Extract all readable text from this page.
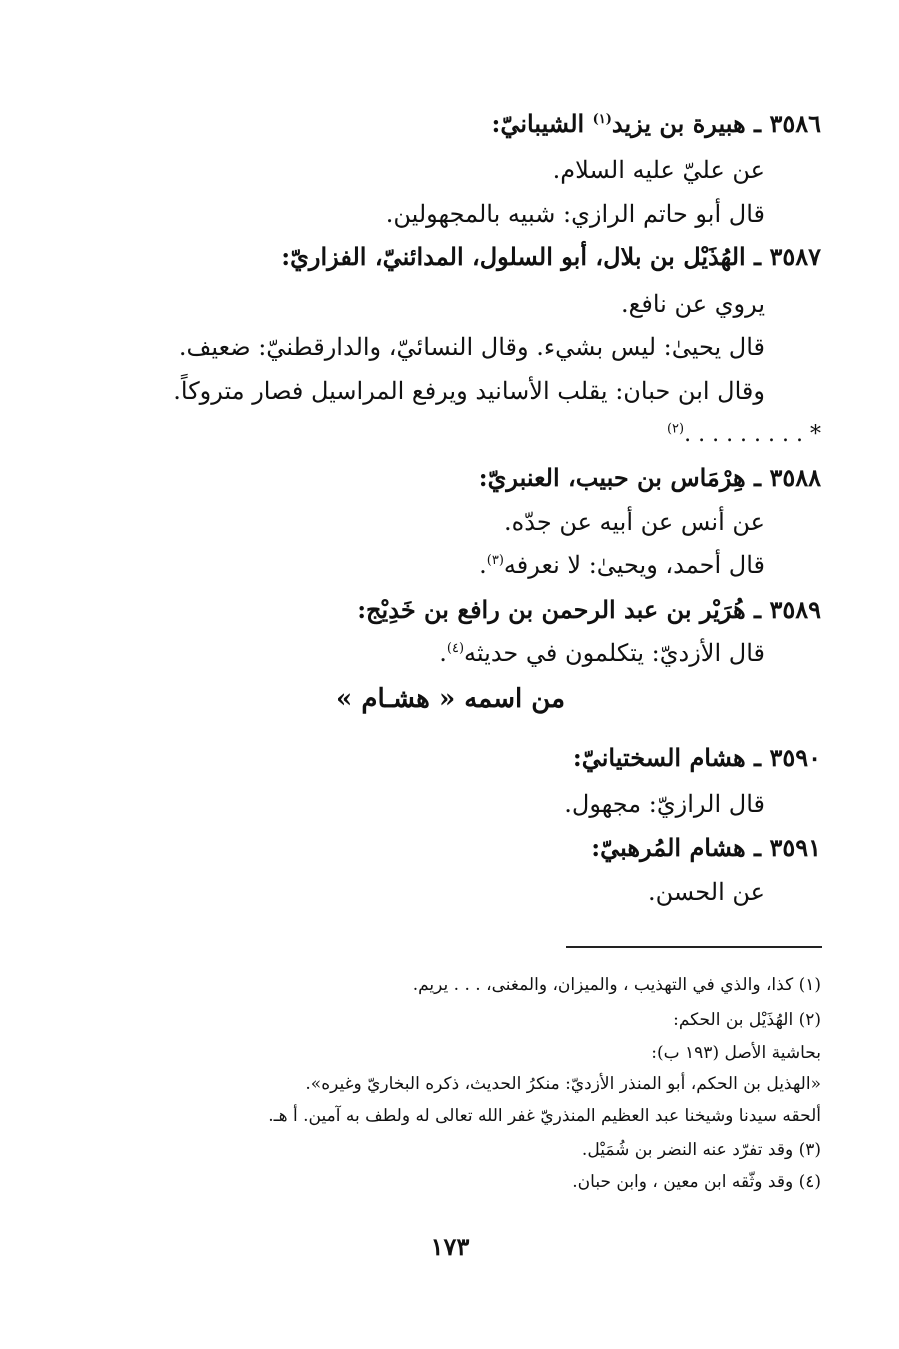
٣٥٨٦ ـ هبيرة بن يزيد$^{(١)}$ الشيبانيّ:
عن عليّ عليه السلام.
قال أبو حاتم الرازي: شبيه بالمجهولين.
٣٥٨٧ ـ الهُذَيْل بن بلال، أبو السلول، المدائنيّ، الفزاريّ:
يروي عن نافع.
قال يحيىٰ: ليس بشيء. وقال النسائيّ، والدارقطنيّ: ضعيف.
وقال ابن حبان: يقلب الأسانيد ويرفع المراسيل فصار متروكاً.
* . . . . . . . . .$^{(٢)}$
٣٥٨٨ ـ هِرْمَاس بن حبيب، العنبريّ:
عن أنس عن أبيه عن جدّه.
قال أحمد، ويحيىٰ: لا نعرفه$^{(٣)}$.
٣٥٨٩ ـ هُرَيْر بن عبد الرحمن بن رافع بن خَدِيْج:
قال الأزديّ: يتكلمون في حديثه$^{(٤)}$.
من اسمه « هشـام »
٣٥٩٠ ـ هشام السختيانيّ:
قال الرازيّ: مجهول.
٣٥٩١ ـ هشام المُرهبيّ:
عن الحسن.
(١) كذا، والذي في التهذيب ، والميزان، والمغنى، . . . يريم.
(٢) الهُذَيْل بن الحكم:
بحاشية الأصل (١٩٣ ب):
«الهذيل بن الحكم، أبو المنذر الأزديّ: منكرُ الحديث، ذكره البخاريّ وغيره».
ألحقه سيدنا وشيخنا عبد العظيم المنذريّ غفر الله تعالى له ولطف به آمين. أ هـ.
(٣) وقد تفرّد عنه النضر بن شُمَيْل.
(٤) وقد وثّقه ابن معين ، وابن حبان.
١٧٣
